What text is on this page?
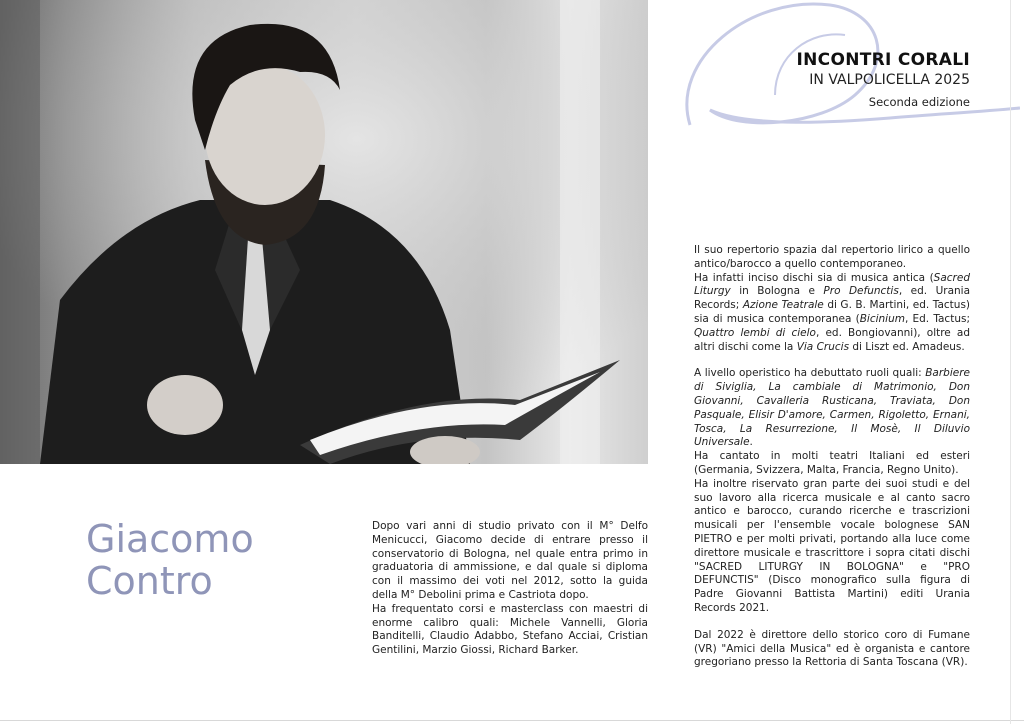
INCONTRI CORALI
IN VALPOLICELLA 2025
Seconda edizione
Giacomo
Contro

Dopo vari anni di studio privato con il M° Delfo Menicucci, Giacomo decide di entrare presso il conservatorio di Bologna, nel quale entra primo in graduatoria di ammissione, e dal quale si diploma con il massimo dei voti nel 2012, sotto la guida della M° Debolini prima e Castriota dopo.

Ha frequentato corsi e masterclass con maestri di enorme calibro quali: Michele Vannelli, Gloria Banditelli, Claudio Adabbo, Stefano Acciai, Cristian Gentilini, Marzio Giossi, Richard Barker.

Il suo repertorio spazia dal repertorio lirico a quello antico/barocco a quello contemporaneo.

Ha infatti inciso dischi sia di musica antica (Sacred Liturgy in Bologna e Pro Defunctis, ed. Urania Records; Azione Teatrale di G. B. Martini, ed. Tactus) sia di musica contemporanea (Bicinium, Ed. Tactus; Quattro lembi di cielo, ed. Bongiovanni), oltre ad altri dischi come la Via Crucis di Liszt ed. Amadeus.

A livello operistico ha debuttato ruoli quali: Barbiere di Siviglia, La cambiale di Matrimonio, Don Giovanni, Cavalleria Rusticana, Traviata, Don Pasquale, Elisir D'amore, Carmen, Rigoletto, Ernani, Tosca, La Resurrezione, Il Mosè, Il Diluvio Universale.

Ha cantato in molti teatri Italiani ed esteri (Germania, Svizzera, Malta, Francia, Regno Unito).

Ha inoltre riservato gran parte dei suoi studi e del suo lavoro alla ricerca musicale e al canto sacro antico e barocco, curando ricerche e trascrizioni musicali per l'ensemble vocale bolognese SAN PIETRO e per molti privati, portando alla luce come direttore musicale e trascrittore i sopra citati dischi "SACRED LITURGY IN BOLOGNA" e "PRO DEFUNCTIS" (Disco monografico sulla figura di Padre Giovanni Battista Martini) editi Urania Records 2021.

Dal 2022 è direttore dello storico coro di Fumane (VR) "Amici della Musica" ed è organista e cantore gregoriano presso la Rettoria di Santa Toscana (VR).
